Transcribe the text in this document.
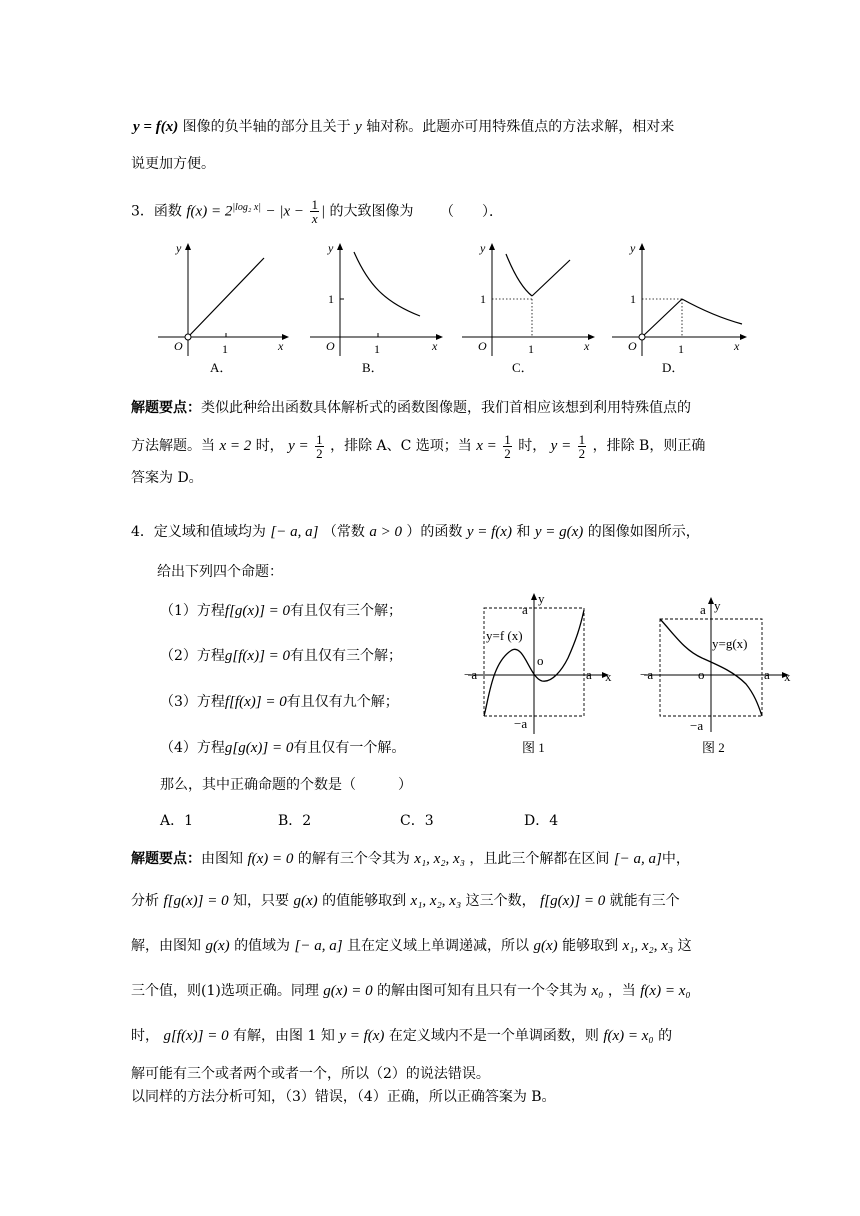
y = f(x) 图像的负半轴的部分且关于 y 轴对称。此题亦可用特殊值点的方法求解，相对来
说更加方便。
3．函数 $f(x) = 2^{|log_2 x|} - |x - \frac{1}{x}$ | 的大致图像为 （　　）．
y
x
O	1
A．
y
x
O
1
1
B．
y
x
O
1
1
C．
y
x
O
1
1
D．
解题要点：类似此种给出函数具体解析式的函数图像题，我们首相应该想到利用特殊值点的
方法解题。当 x = 2 时， $y = \frac{1}{2}$ ，排除 A、C 选项；当 $x = \frac{1}{2}$ 时， $y = \frac{1}{2}$ ，排除 B，则正确
答案为 D。
4．定义域和值域均为 [− a, a] （常数 a > 0 ）的函数 y = f(x) 和 y = g(x) 的图像如图所示，
给出下列四个命题：
（1）方程f[g(x)] = 0有且仅有三个解；
（2）方程g[f(x)] = 0有且仅有三个解；
（3）方程f[f(x)] = 0有且仅有九个解；
（4）方程g[g(x)] = 0有且仅有一个解。
y=f (x)
a
y
−a	a x
o
−a
图 1
y=g(x)
a y
−a	a x
o
−a
图 2
那么，其中正确命题的个数是（　　　）
A．1	B．2	C．3	D．4
解题要点：由图知 f(x) = 0 的解有三个令其为 x₁, x₂, x₃ ，且此三个解都在区间 [− a, a]中，
分析 f[g(x)] = 0 知，只要 g(x) 的值能够取到 x₁, x₂, x₃ 这三个数， f[g(x)] = 0 就能有三个
解，由图知 g(x) 的值域为 [− a, a] 且在定义域上单调递减，所以 g(x) 能够取到 x₁, x₂, x₃ 这
三个值，则(1)选项正确。同理 g(x) = 0 的解由图可知有且只有一个令其为 x₀ ，当 f(x) = x₀
时， g[f(x)] = 0 有解，由图 1 知 y = f(x) 在定义域内不是一个单调函数，则 f(x) = x₀ 的
解可能有三个或者两个或者一个，所以（2）的说法错误。
以同样的方法分析可知，（3）错误，（4）正确，所以正确答案为 B。
